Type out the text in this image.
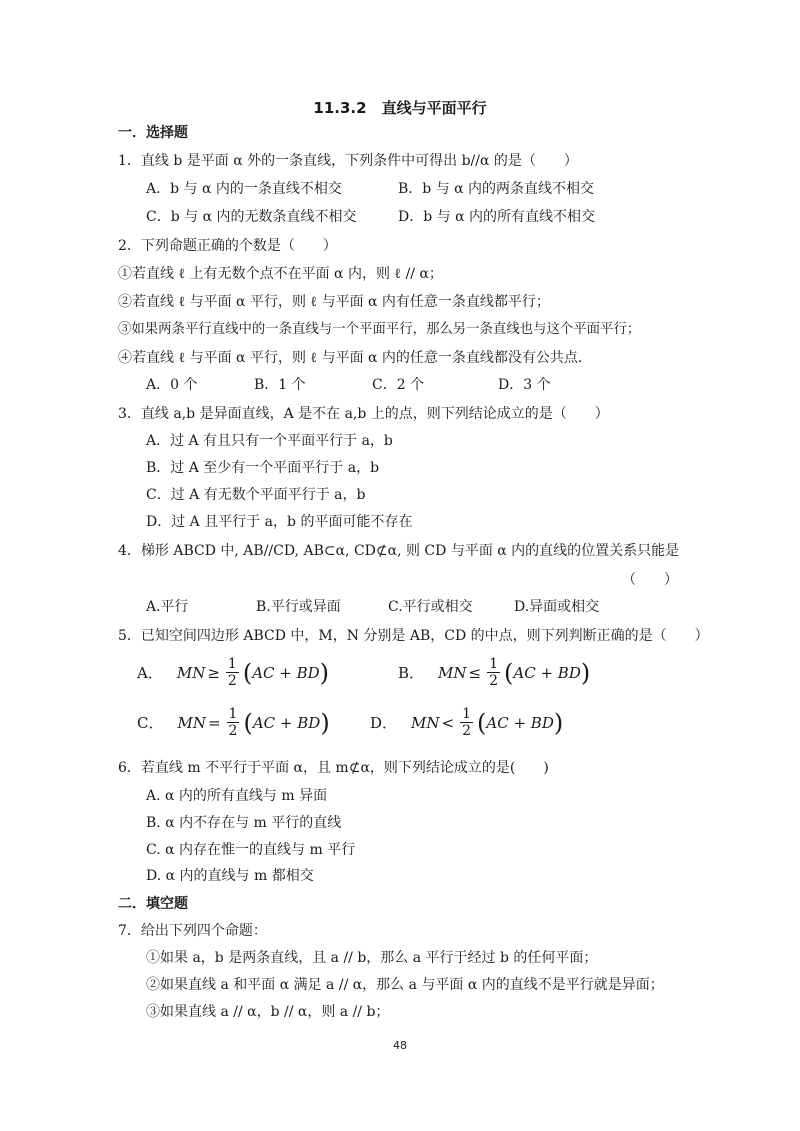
11.3.2　直线与平面平行
一．选择题
1．直线 b 是平面 α 外的一条直线，下列条件中可得出 b//α 的是（　　）
A．b 与 α 内的一条直线不相交	B．b 与 α 内的两条直线不相交
C．b 与 α 内的无数条直线不相交	D．b 与 α 内的所有直线不相交
2．下列命题正确的个数是（　　）
①若直线 ℓ 上有无数个点不在平面 α 内，则 ℓ // α；
②若直线 ℓ 与平面 α 平行，则 ℓ 与平面 α 内有任意一条直线都平行；
③如果两条平行直线中的一条直线与一个平面平行，那么另一条直线也与这个平面平行；
④若直线 ℓ 与平面 α 平行，则 ℓ 与平面 α 内的任意一条直线都没有公共点．
A．0 个	B．1 个	C．2 个	D．3 个
3．直线 a,b 是异面直线，A 是不在 a,b 上的点，则下列结论成立的是（　　）
A．过 A 有且只有一个平面平行于 a，b
B．过 A 至少有一个平面平行于 a，b
C．过 A 有无数个平面平行于 a，b
D．过 A 且平行于 a，b 的平面可能不存在
4．梯形 ABCD 中, AB//CD, AB⊂α, CD⊄α, 则 CD 与平面 α 内的直线的位置关系只能是
（　　）
A.平行	B.平行或异面	C.平行或相交	D.异面或相交
5．已知空间四边形 ABCD 中，M，N 分别是 AB，CD 的中点，则下列判断正确的是（　　）
A． MN ≥ $\frac{1}{2}$ ( AC + BD )	B． MN ≤ $\frac{1}{2}$ ( AC + BD )
C． MN = $\frac{1}{2}$ ( AC + BD )	D． MN < $\frac{1}{2}$ ( AC + BD )
6．若直线 m 不平行于平面 α，且 m⊄α，则下列结论成立的是(　　)
A. α 内的所有直线与 m 异面
B. α 内不存在与 m 平行的直线
C. α 内存在惟一的直线与 m 平行
D. α 内的直线与 m 都相交
二．填空题
7．给出下列四个命题：
①如果 a，b 是两条直线，且 a // b，那么 a 平行于经过 b 的任何平面；
②如果直线 a 和平面 α 满足 a // α，那么 a 与平面 α 内的直线不是平行就是异面；
③如果直线 a // α，b // α，则 a // b；
48
